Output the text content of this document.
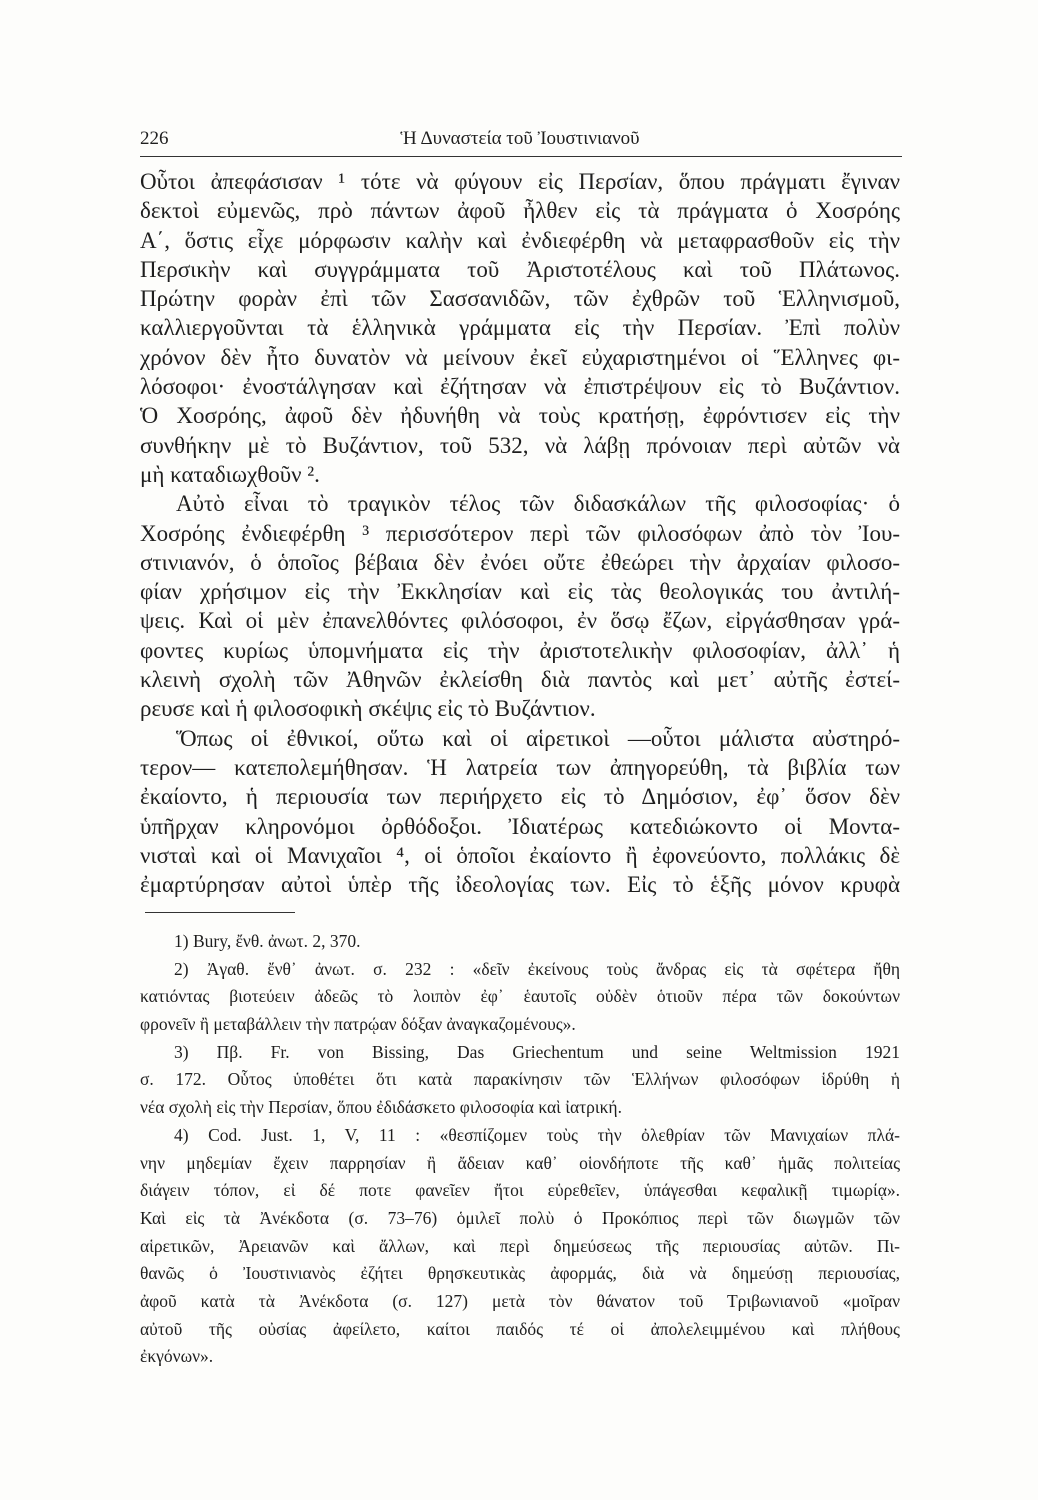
226	Ἡ Δυναστεία τοῦ Ἰουστινιανοῦ
Οὗτοι ἀπεφάσισαν ¹ τότε νὰ φύγουν εἰς Περσίαν, ὅπου πράγματι ἔγιναν
δεκτοὶ εὐμενῶς, πρὸ πάντων ἀφοῦ ἦλθεν εἰς τὰ πράγματα ὁ Χοσρόης
Α΄, ὅστις εἶχε μόρφωσιν καλὴν καὶ ἐνδιεφέρθη νὰ μεταφρασθοῦν εἰς τὴν
Περσικὴν καὶ συγγράμματα τοῦ Ἀριστοτέλους καὶ τοῦ Πλάτωνος.
Πρώτην φορὰν ἐπὶ τῶν Σασσανιδῶν, τῶν ἐχθρῶν τοῦ Ἑλληνισμοῦ,
καλλιεργοῦνται τὰ ἑλληνικὰ γράμματα εἰς τὴν Περσίαν. Ἐπὶ πολὺν
χρόνον δὲν ἦτο δυνατὸν νὰ μείνουν ἐκεῖ εὐχαριστημένοι οἱ Ἕλληνες φι-
λόσοφοι· ἐνοστάλγησαν καὶ ἐζήτησαν νὰ ἐπιστρέψουν εἰς τὸ Βυζάντιον.
Ὁ Χοσρόης, ἀφοῦ δὲν ἠδυνήθη νὰ τοὺς κρατήσῃ, ἐφρόντισεν εἰς τὴν
συνθήκην μὲ τὸ Βυζάντιον, τοῦ 532, νὰ λάβῃ πρόνοιαν περὶ αὐτῶν νὰ
μὴ καταδιωχθοῦν ².
Αὐτὸ εἶναι τὸ τραγικὸν τέλος τῶν διδασκάλων τῆς φιλοσοφίας· ὁ
Χοσρόης ἐνδιεφέρθη ³ περισσότερον περὶ τῶν φιλοσόφων ἀπὸ τὸν Ἰου-
στινιανόν, ὁ ὁποῖος βέβαια δὲν ἐνόει οὔτε ἐθεώρει τὴν ἀρχαίαν φιλοσο-
φίαν χρήσιμον εἰς τὴν Ἐκκλησίαν καὶ εἰς τὰς θεολογικάς του ἀντιλή-
ψεις. Καὶ οἱ μὲν ἐπανελθόντες φιλόσοφοι, ἐν ὅσῳ ἔζων, εἰργάσθησαν γρά-
φοντες κυρίως ὑπομνήματα εἰς τὴν ἀριστοτελικὴν φιλοσοφίαν, ἀλλ᾽ ἡ
κλεινὴ σχολὴ τῶν Ἀθηνῶν ἐκλείσθη διὰ παντὸς καὶ μετ᾽ αὐτῆς ἐστεί-
ρευσε καὶ ἡ φιλοσοφικὴ σκέψις εἰς τὸ Βυζάντιον.
Ὅπως οἱ ἐθνικοί, οὕτω καὶ οἱ αἱρετικοὶ —οὗτοι μάλιστα αὐστηρό-
τερον— κατεπολεμήθησαν. Ἡ λατρεία των ἀπηγορεύθη, τὰ βιβλία των
ἐκαίοντο, ἡ περιουσία των περιήρχετο εἰς τὸ Δημόσιον, ἐφ᾽ ὅσον δὲν
ὑπῆρχαν κληρονόμοι ὀρθόδοξοι. Ἰδιατέρως κατεδιώκοντο οἱ Μοντα-
νισταὶ καὶ οἱ Μανιχαῖοι ⁴, οἱ ὁποῖοι ἐκαίοντο ἢ ἐφονεύοντο, πολλάκις δὲ
ἐμαρτύρησαν αὐτοὶ ὑπὲρ τῆς ἰδεολογίας των. Εἰς τὸ ἑξῆς μόνον κρυφὰ
1) Bury, ἔνθ. ἀνωτ. 2, 370.
2) Ἀγαθ. ἔνθ᾽ ἀνωτ. σ. 232 : «δεῖν ἐκείνους τοὺς ἄνδρας εἰς τὰ σφέτερα ἤθη
κατιόντας βιοτεύειν ἀδεῶς τὸ λοιπὸν ἐφ᾽ ἑαυτοῖς οὐδὲν ὁτιοῦν πέρα τῶν δοκούντων
φρονεῖν ἢ μεταβάλλειν τὴν πατρῴαν δόξαν ἀναγκαζομένους».
3) Πβ. Fr. von Bissing, Das Griechentum und seine Weltmission 1921
σ. 172. Οὗτος ὑποθέτει ὅτι κατὰ παρακίνησιν τῶν Ἑλλήνων φιλοσόφων ἱδρύθη ἡ
νέα σχολὴ εἰς τὴν Περσίαν, ὅπου ἐδιδάσκετο φιλοσοφία καὶ ἰατρική.
4) Cod. Just. 1, V, 11 : «θεσπίζομεν τοὺς τὴν ὀλεθρίαν τῶν Μανιχαίων πλά-
νην μηδεμίαν ἔχειν παρρησίαν ἢ ἄδειαν καθ᾽ οἱονδήποτε τῆς καθ᾽ ἡμᾶς πολιτείας
διάγειν τόπον, εἰ δέ ποτε φανεῖεν ἤτοι εὑρεθεῖεν, ὑπάγεσθαι κεφαλικῇ τιμωρίᾳ».
Καὶ εἰς τὰ Ἀνέκδοτα (σ. 73–76) ὁμιλεῖ πολὺ ὁ Προκόπιος περὶ τῶν διωγμῶν τῶν
αἱρετικῶν, Ἀρειανῶν καὶ ἄλλων, καὶ περὶ δημεύσεως τῆς περιουσίας αὐτῶν. Πι-
θανῶς ὁ Ἰουστινιανὸς ἐζήτει θρησκευτικὰς ἀφορμάς, διὰ νὰ δημεύσῃ περιουσίας,
ἀφοῦ κατὰ τὰ Ἀνέκδοτα (σ. 127) μετὰ τὸν θάνατον τοῦ Τριβωνιανοῦ «μοῖραν
αὐτοῦ τῆς οὐσίας ἀφείλετο, καίτοι παιδός τέ οἱ ἀπολελειμμένου καὶ πλήθους
ἐκγόνων».
